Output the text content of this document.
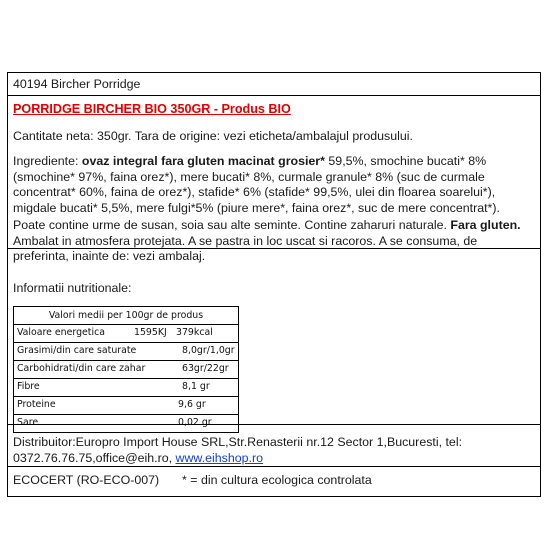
40194 Bircher Porridge
PORRIDGE BIRCHER BIO 350GR - Produs BIO
Cantitate neta: 350gr. Tara de origine: vezi eticheta/ambalajul produsului.
Ingrediente: ovaz integral fara gluten macinat grosier* 59,5%, smochine bucati* 8% (smochine* 97%, faina orez*), mere bucati* 8%, curmale granule* 8% (suc de curmale concentrat* 60%, faina de orez*), stafide* 6% (stafide* 99,5%, ulei din floarea soarelui*), migdale bucati* 5,5%, mere fulgi*5% (piure mere*, faina orez*, suc de mere concentrat*).
Poate contine urme de susan, soia sau alte seminte. Contine zaharuri naturale. Fara gluten. Ambalat in atmosfera protejata. A se pastra in loc uscat si racoros. A se consuma, de preferinta, inainte de: vezi ambalaj.
Informatii nutritionale:
Valori medii per 100gr de produs

Valoare energetica	1595KJ 379kcal

Grasimi/din care saturate	8,0gr/1,0gr

Carbohidrati/din care zahar	63gr/22gr

Fibre	8,1 gr

Proteine	9,6 gr

Sare	0,02 gr
Distribuitor:Europro Import House SRL,Str.Renasterii nr.12 Sector 1,Bucuresti, tel: 0372.76.76.75,office@eih.ro, www.eihshop.ro
ECOCERT (RO-ECO-007)	* = din cultura ecologica controlata
